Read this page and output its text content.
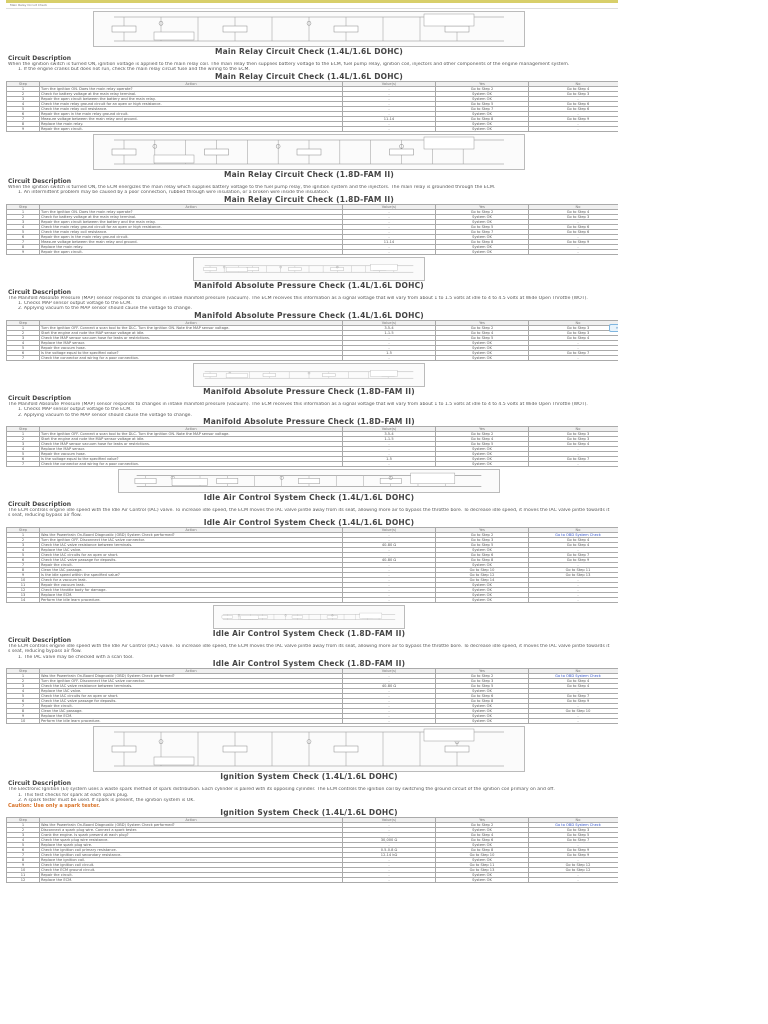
Main Relay Circuit Check
Main Relay Circuit Check (1.4L/1.6L DOHC)
Circuit Description
When the ignition switch is turned ON, ignition voltage is applied to the main relay coil. The main relay then supplies battery voltage to the ECM, fuel pump relay, ignition coil, injectors and other components of the engine management system.
1. If the engine cranks but does not run, check the main relay circuit fuse and the wiring to the ECM.
Main Relay Circuit Check (1.4L/1.6L DOHC)
Step	Action	Value(s)	Yes	No
1	Turn the ignition ON. Does the main relay operate?	-	Go to Step 2	Go to Step 4
2	Check for battery voltage at the main relay terminal.	-	System OK	Go to Step 3
3	Repair the open circuit between the battery and the main relay.	-	System OK	-
4	Check the main relay ground circuit for an open or high resistance.	-	Go to Step 5	Go to Step 6
5	Check the main relay coil resistance.	-	Go to Step 7	Go to Step 6
6	Repair the open in the main relay ground circuit.	-	System OK	-
7	Measure voltage between the main relay and ground.	11-14	Go to Step 8	Go to Step 9
8	Replace the main relay.	-	System OK	-
9	Repair the open circuit.	-	System OK	-
Main Relay Circuit Check (1.8D-FAM II)
Circuit Description
When the ignition switch is turned ON, the ECM energizes the main relay which supplies battery voltage to the fuel pump relay, the ignition system and the injectors. The main relay is grounded through the ECM.
1. An intermittent problem may be caused by a poor connection, rubbed through wire insulation, or a broken wire inside the insulation.
Main Relay Circuit Check (1.8D-FAM II)
Step	Action	Value(s)	Yes	No
1	Turn the ignition ON. Does the main relay operate?	-	Go to Step 2	Go to Step 4
2	Check for battery voltage at the main relay terminal.	-	System OK	Go to Step 3
3	Repair the open circuit between the battery and the main relay.	-	System OK	-
4	Check the main relay ground circuit for an open or high resistance.	-	Go to Step 5	Go to Step 6
5	Check the main relay coil resistance.	-	Go to Step 7	Go to Step 6
6	Repair the open in the main relay ground circuit.	-	System OK	-
7	Measure voltage between the main relay and ground.	11-14	Go to Step 8	Go to Step 9
8	Replace the main relay.	-	System OK	-
9	Repair the open circuit.	-	System OK	-
Manifold Absolute Pressure Check (1.4L/1.6L DOHC)
Circuit Description
The Manifold Absolute Pressure (MAP) sensor responds to changes in intake manifold pressure (vacuum). The ECM receives this information as a signal voltage that will vary from about 1 to 1.5 volts at idle to 4 to 4.5 volts at Wide Open Throttle (WOT).
1. Checks MAP sensor output voltage to the ECM.
2. Applying vacuum to the MAP sensor should cause the voltage to change.
Manifold Absolute Pressure Check (1.4L/1.6L DOHC)
Step	Action	Value(s)	Yes	No
1	Turn the ignition OFF. Connect a scan tool to the DLC. Turn the ignition ON. Note the MAP sensor voltage.	3.5-4	Go to Step 2	Go to Step 3
2	Start the engine and note the MAP sensor voltage at idle.	1-1.5	Go to Step 4	Go to Step 3
3	Check the MAP sensor vacuum hose for leaks or restrictions.	-	Go to Step 5	Go to Step 4
4	Replace the MAP sensor.	-	System OK	-
5	Repair the vacuum hose.	-	System OK	-
6	Is the voltage equal to the specified value?	1.5	System OK	Go to Step 7
7	Check the connector and wiring for a poor connection.	-	System OK	-
Manifold Absolute Pressure Check (1.8D-FAM II)
Circuit Description
The Manifold Absolute Pressure (MAP) sensor responds to changes in intake manifold pressure (vacuum). The ECM receives this information as a signal voltage that will vary from about 1 to 1.5 volts at idle to 4 to 4.5 volts at Wide Open Throttle (WOT).
1. Checks MAP sensor output voltage to the ECM.
2. Applying vacuum to the MAP sensor should cause the voltage to change.
Manifold Absolute Pressure Check (1.8D-FAM II)
Step	Action	Value(s)	Yes	No
1	Turn the ignition OFF. Connect a scan tool to the DLC. Turn the ignition ON. Note the MAP sensor voltage.	3.5-4	Go to Step 2	Go to Step 3
2	Start the engine and note the MAP sensor voltage at idle.	1-1.5	Go to Step 4	Go to Step 3
3	Check the MAP sensor vacuum hose for leaks or restrictions.	-	Go to Step 5	Go to Step 4
4	Replace the MAP sensor.	-	System OK	-
5	Repair the vacuum hose.	-	System OK	-
6	Is the voltage equal to the specified value?	1.5	System OK	Go to Step 7
7	Check the connector and wiring for a poor connection.	-	System OK	-
Idle Air Control System Check (1.4L/1.6L DOHC)
Circuit Description
The ECM controls engine idle speed with the Idle Air Control (IAC) valve. To increase idle speed, the ECM moves the IAC valve pintle away from its seat, allowing more air to bypass the throttle bore. To decrease idle speed, it moves the IAC valve pintle towards its seat, reducing bypass air flow.
Idle Air Control System Check (1.4L/1.6L DOHC)
Step	Action	Value(s)	Yes	No
1	Was the Powertrain On-Board Diagnostic (OBD) System Check performed?	-	Go to Step 2	Go to OBD System Check
2	Turn the ignition OFF. Disconnect the IAC valve connector.	-	Go to Step 3	Go to Step 4
3	Check the IAC valve resistance between terminals.	40-80 Ω	Go to Step 5	Go to Step 4
4	Replace the IAC valve.	-	System OK	-
5	Check the IAC circuits for an open or short.	-	Go to Step 6	Go to Step 7
6	Check the IAC valve passage for deposits.	40-80 Ω	Go to Step 8	Go to Step 9
7	Repair the circuit.	-	System OK	-
8	Clean the IAC passage.	-	Go to Step 10	Go to Step 11
9	Is the idle speed within the specified value?	-	Go to Step 12	Go to Step 13
10	Check for a vacuum leak.	-	Go to Step 14	-
11	Repair the vacuum leak.	-	System OK	-
12	Check the throttle body for damage.	-	System OK	-
13	Replace the ECM.	-	System OK	-
14	Perform the idle learn procedure.	-	System OK	-
Idle Air Control System Check (1.8D-FAM II)
Circuit Description
The ECM controls engine idle speed with the Idle Air Control (IAC) valve. To increase idle speed, the ECM moves the IAC valve pintle away from its seat, allowing more air to bypass the throttle bore. To decrease idle speed, it moves the IAC valve pintle towards its seat, reducing bypass air flow.
1. The IAC valve may be checked with a scan tool.
Idle Air Control System Check (1.8D-FAM II)
Step	Action	Value(s)	Yes	No
1	Was the Powertrain On-Board Diagnostic (OBD) System Check performed?	-	Go to Step 2	Go to OBD System Check
2	Turn the ignition OFF. Disconnect the IAC valve connector.	-	Go to Step 3	Go to Step 4
3	Check the IAC valve resistance between terminals.	40-80 Ω	Go to Step 5	Go to Step 4
4	Replace the IAC valve.	-	System OK	-
5	Check the IAC circuits for an open or short.	-	Go to Step 6	Go to Step 7
6	Check the IAC valve passage for deposits.	-	Go to Step 8	Go to Step 9
7	Repair the circuit.	-	System OK	-
8	Clean the IAC passage.	-	System OK	Go to Step 10
9	Replace the ECM.	-	System OK	-
10	Perform the idle learn procedure.	-	System OK	-
Ignition System Check (1.4L/1.6L DOHC)
Circuit Description
The Electronic Ignition (EI) system uses a waste spark method of spark distribution. Each cylinder is paired with its opposing cylinder. The ECM controls the ignition coil by switching the ground circuit of the ignition coil primary on and off.
1. This test checks for spark at each spark plug.
2. A spark tester must be used. If spark is present, the ignition system is OK.
Caution: Use only a spark tester.
Ignition System Check (1.4L/1.6L DOHC)
Step	Action	Value(s)	Yes	No
1	Was the Powertrain On-Board Diagnostic (OBD) System Check performed?	-	Go to Step 2	Go to OBD System Check
2	Disconnect a spark plug wire. Connect a spark tester.	-	System OK	Go to Step 3
3	Crank the engine. Is spark present at each plug?	-	Go to Step 4	Go to Step 5
4	Check the spark plug wire resistance.	30,000 Ω	Go to Step 6	Go to Step 7
5	Replace the spark plug wire.	-	System OK	-
6	Check the ignition coil primary resistance.	0.5-0.8 Ω	Go to Step 8	Go to Step 9
7	Check the ignition coil secondary resistance.	12-14 kΩ	Go to Step 10	Go to Step 9
8	Replace the ignition coil.	-	System OK	-
9	Check the ignition coil circuit.	-	Go to Step 11	Go to Step 12
10	Check the ECM ground circuit.	-	Go to Step 13	Go to Step 12
11	Repair the circuit.	-	System OK	-
12	Replace the ECM.	-	System OK	-
»
